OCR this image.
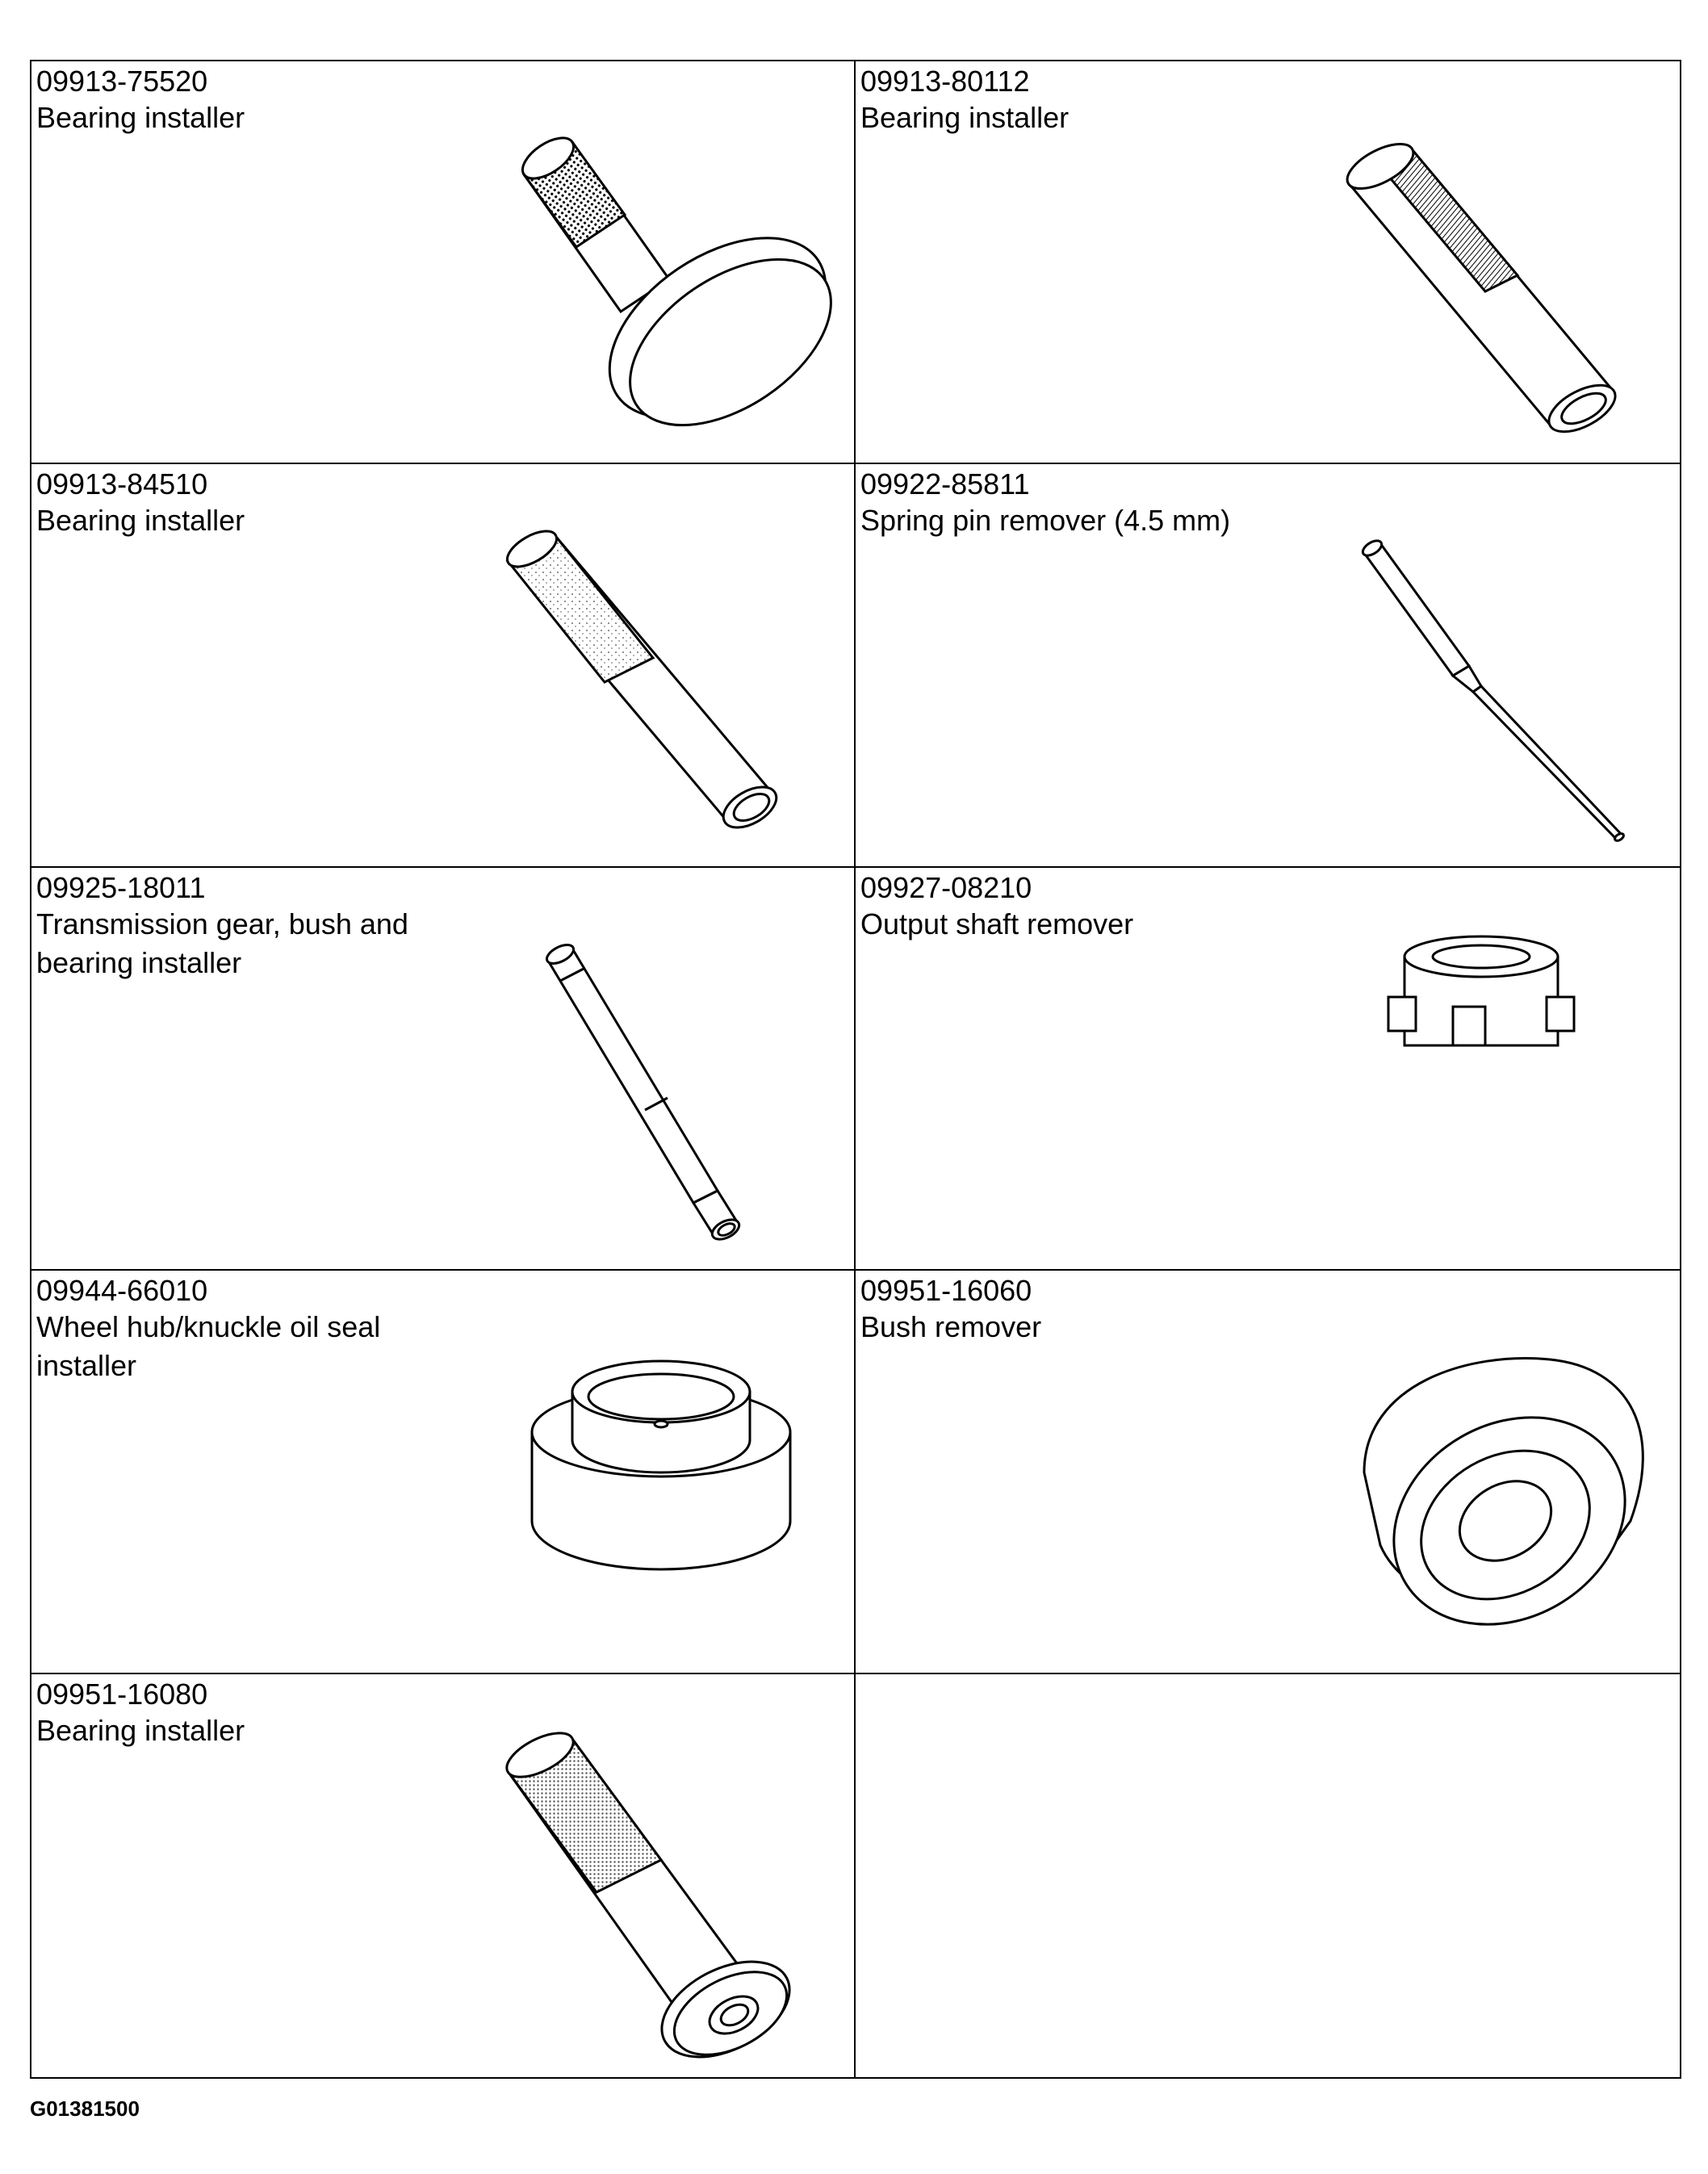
09913-75520
Bearing installer
09913-80112
Bearing installer
09913-84510
Bearing installer
09922-85811
Spring pin remover (4.5 mm)
09925-18011
Transmission gear, bush and bearing installer
09927-08210
Output shaft remover
09944-66010
Wheel hub/knuckle oil seal installer
09951-16060
Bush remover
09951-16080
Bearing installer
G01381500
